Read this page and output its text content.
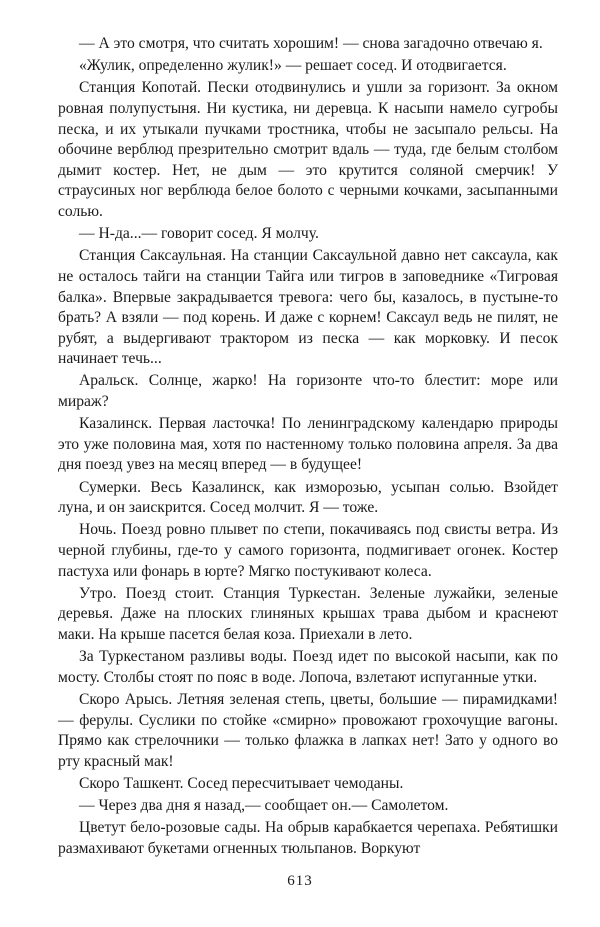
— А это смотря, что считать хорошим! — снова загадочно отвечаю я.

«Жулик, определенно жулик!» — решает сосед. И отодвигается.

Станция Копотай. Пески отодвинулись и ушли за горизонт. За окном ровная полупустыня. Ни кустика, ни деревца. К насыпи намело сугробы песка, и их утыкали пучками тростника, чтобы не засыпало рельсы. На обочине верблюд презрительно смотрит вдаль — туда, где белым столбом дымит костер. Нет, не дым — это крутится соляной смерчик! У страусиных ног верблюда белое болото с черными кочками, засыпанными солью.

— Н-да...— говорит сосед. Я молчу.

Станция Саксаульная. На станции Саксаульной давно нет саксаула, как не осталось тайги на станции Тайга или тигров в заповеднике «Тигровая балка». Впервые закрадывается тревога: чего бы, казалось, в пустыне-то брать? А взяли — под корень. И даже с корнем! Саксаул ведь не пилят, не рубят, а выдергивают трактором из песка — как морковку. И песок начинает течь...

Аральск. Солнце, жарко! На горизонте что-то блестит: море или мираж?

Казалинск. Первая ласточка! По ленинградскому календарю природы это уже половина мая, хотя по настенному только половина апреля. За два дня поезд увез на месяц вперед — в будущее!

Сумерки. Весь Казалинск, как изморозью, усыпан солью. Взойдет луна, и он заискрится. Сосед молчит. Я — тоже.

Ночь. Поезд ровно плывет по степи, покачиваясь под свисты ветра. Из черной глубины, где-то у самого горизонта, подмигивает огонек. Костер пастуха или фонарь в юрте? Мягко постукивают колеса.

Утро. Поезд стоит. Станция Туркестан. Зеленые лужайки, зеленые деревья. Даже на плоских глиняных крышах трава дыбом и краснеют маки. На крыше пасется белая коза. Приехали в лето.

За Туркестаном разливы воды. Поезд идет по высокой насыпи, как по мосту. Столбы стоят по пояс в воде. Лопоча, взлетают испуганные утки.

Скоро Арысь. Летняя зеленая степь, цветы, большие — пирамидками! — ферулы. Суслики по стойке «смирно» провожают грохочущие вагоны. Прямо как стрелочники — только флажка в лапках нет! Зато у одного во рту красный мак!

Скоро Ташкент. Сосед пересчитывает чемоданы.

— Через два дня я назад,— сообщает он.— Самолетом.

Цветут бело-розовые сады. На обрыв карабкается черепаха. Ребятишки размахивают букетами огненных тюльпанов. Воркуют

613
